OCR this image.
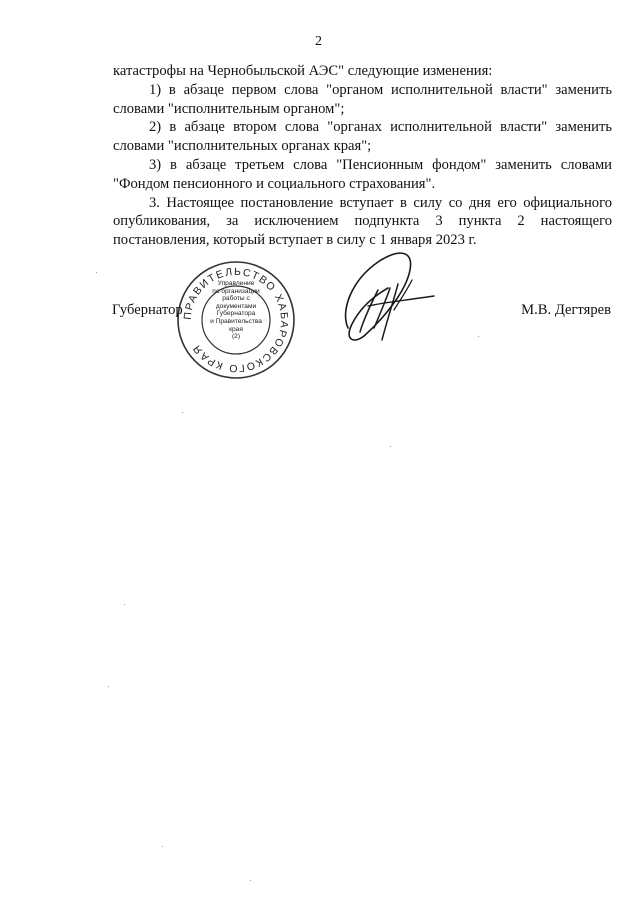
2

катастрофы на Чернобыльской АЭС" следующие изменения:

1) в абзаце первом слова "органом исполнительной власти" заменить словами "исполнительным органом";

2) в абзаце втором слова "органах исполнительной власти" заменить словами "исполнительных органах края";

3) в абзаце третьем слова "Пенсионным фондом" заменить словами "Фондом пенсионного и социального страхования".

3. Настоящее постановление вступает в силу со дня его официального опубликования, за исключением подпункта 3 пункта 2 настоящего постановления, который вступает в силу с 1 января 2023 г.

ПРАВИТЕЛЬСТВО ХАБАРОВСКОГО КРАЯ
Управление
по организации
работы с документами
Губернатора
и Правительства
края
(2)
Губернатор	М.В. Дегтярев
